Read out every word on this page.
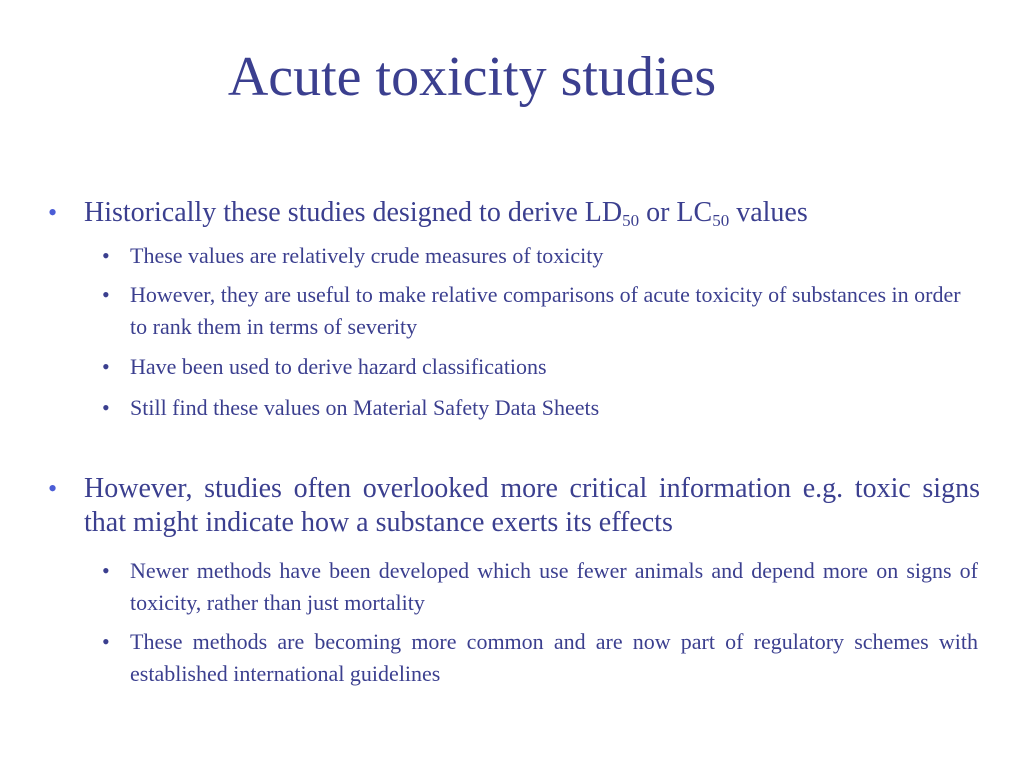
Acute toxicity studies
• Historically these studies designed to derive $LD_{50}$ or $LC_{50}$ values
• These values are relatively crude measures of toxicity
• However, they are useful to make relative comparisons of acute toxicity of substances in order to rank them in terms of severity
• Have been used to derive hazard classifications
• Still find these values on Material Safety Data Sheets
• However, studies often overlooked more critical information e.g. toxic signs that might indicate how a substance exerts its effects
• Newer methods have been developed which use fewer animals and depend more on signs of toxicity, rather than just mortality
• These methods are becoming more common and are now part of regulatory schemes with established international guidelines
